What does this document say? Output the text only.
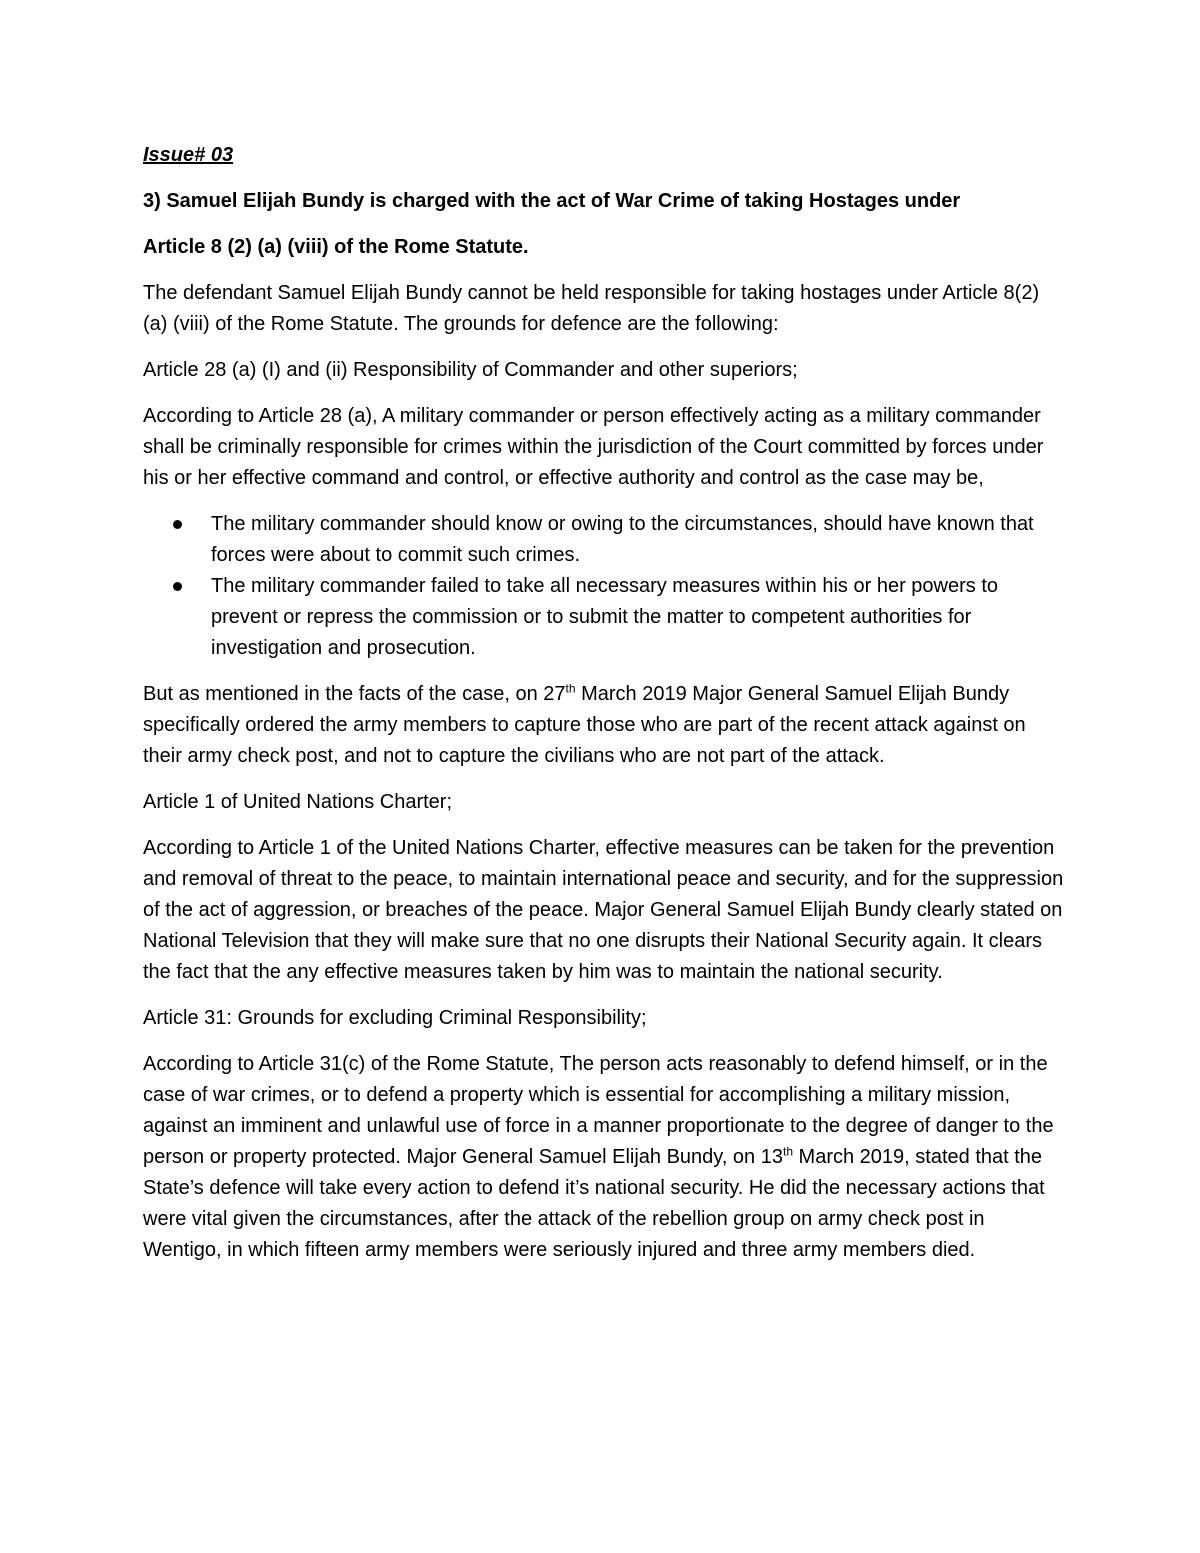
Issue# 03

3) Samuel Elijah Bundy is charged with the act of War Crime of taking Hostages under

Article 8 (2) (a) (viii) of the Rome Statute.

The defendant Samuel Elijah Bundy cannot be held responsible for taking hostages under Article 8(2) (a) (viii) of the Rome Statute. The grounds for defence are the following:

Article 28 (a) (I) and (ii) Responsibility of Commander and other superiors;

According to Article 28 (a), A military commander or person effectively acting as a military commander shall be criminally responsible for crimes within the jurisdiction of the Court committed by forces under his or her effective command and control, or effective authority and control as the case may be,

The military commander should know or owing to the circumstances, should have known that forces were about to commit such crimes.
The military commander failed to take all necessary measures within his or her powers to prevent or repress the commission or to submit the matter to competent authorities for investigation and prosecution.

But as mentioned in the facts of the case, on 27th March 2019 Major General Samuel Elijah Bundy specifically ordered the army members to capture those who are part of the recent attack against on their army check post, and not to capture the civilians who are not part of the attack.

Article 1 of United Nations Charter;

According to Article 1 of the United Nations Charter, effective measures can be taken for the prevention and removal of threat to the peace, to maintain international peace and security, and for the suppression of the act of aggression, or breaches of the peace. Major General Samuel Elijah Bundy clearly stated on National Television that they will make sure that no one disrupts their National Security again. It clears the fact that the any effective measures taken by him was to maintain the national security.

Article 31: Grounds for excluding Criminal Responsibility;

According to Article 31(c) of the Rome Statute, The person acts reasonably to defend himself, or in the case of war crimes, or to defend a property which is essential for accomplishing a military mission, against an imminent and unlawful use of force in a manner proportionate to the degree of danger to the person or property protected. Major General Samuel Elijah Bundy, on 13th March 2019, stated that the State’s defence will take every action to defend it’s national security. He did the necessary actions that were vital given the circumstances, after the attack of the rebellion group on army check post in Wentigo, in which fifteen army members were seriously injured and three army members died.
